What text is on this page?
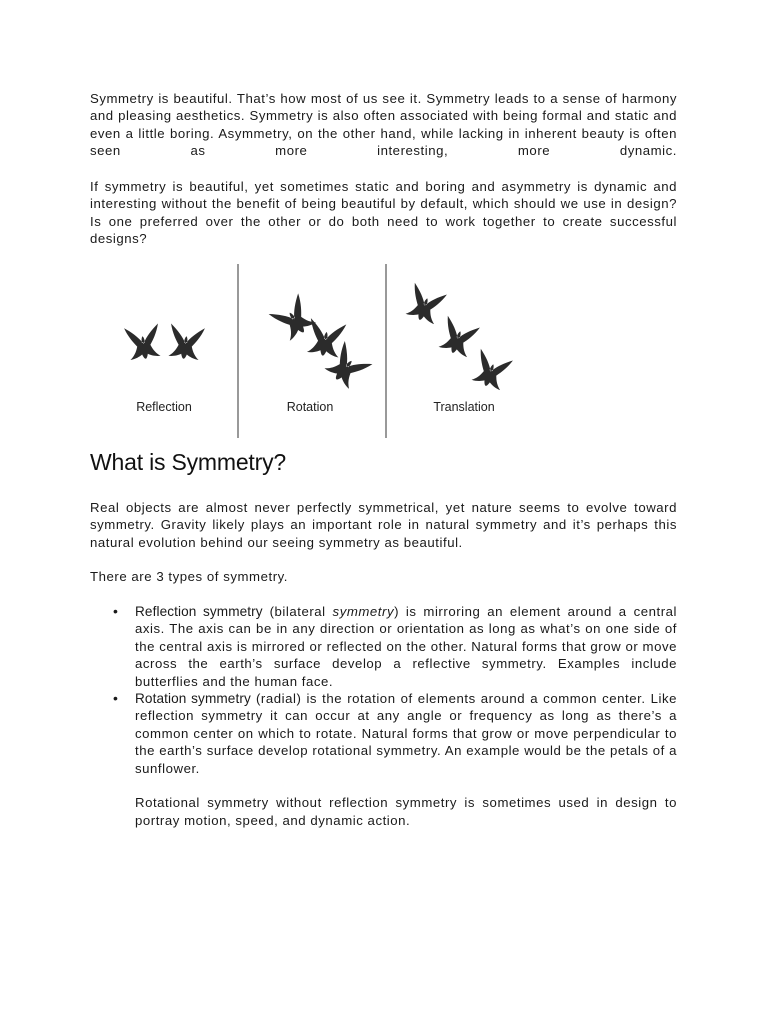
Symmetry is beautiful. That’s how most of us see it. Symmetry leads to a sense of harmony and pleasing aesthetics. Symmetry is also often associated with being formal and static and even a little boring. Asymmetry, on the other hand, while lacking in inherent beauty is often seen as more interesting, more dynamic.

If symmetry is beautiful, yet sometimes static and boring and asymmetry is dynamic and interesting without the benefit of being beautiful by default, which should we use in design? Is one preferred over the other or do both need to work together to create successful designs?

Reflection	Rotation	Translation
What is Symmetry?

Real objects are almost never perfectly symmetrical, yet nature seems to evolve toward symmetry. Gravity likely plays an important role in natural symmetry and it’s perhaps this natural evolution behind our seeing symmetry as beautiful.

There are 3 types of symmetry.

• Reflection symmetry (bilateral symmetry) is mirroring an element around a central axis. The axis can be in any direction or orientation as long as what’s on one side of the central axis is mirrored or reflected on the other. Natural forms that grow or move across the earth’s surface develop a reflective symmetry. Examples include butterflies and the human face.

• Rotation symmetry (radial) is the rotation of elements around a common center. Like reflection symmetry it can occur at any angle or frequency as long as there’s a common center on which to rotate. Natural forms that grow or move perpendicular to the earth’s surface develop rotational symmetry. An example would be the petals of a sunflower.

Rotational symmetry without reflection symmetry is sometimes used in design to portray motion, speed, and dynamic action.
